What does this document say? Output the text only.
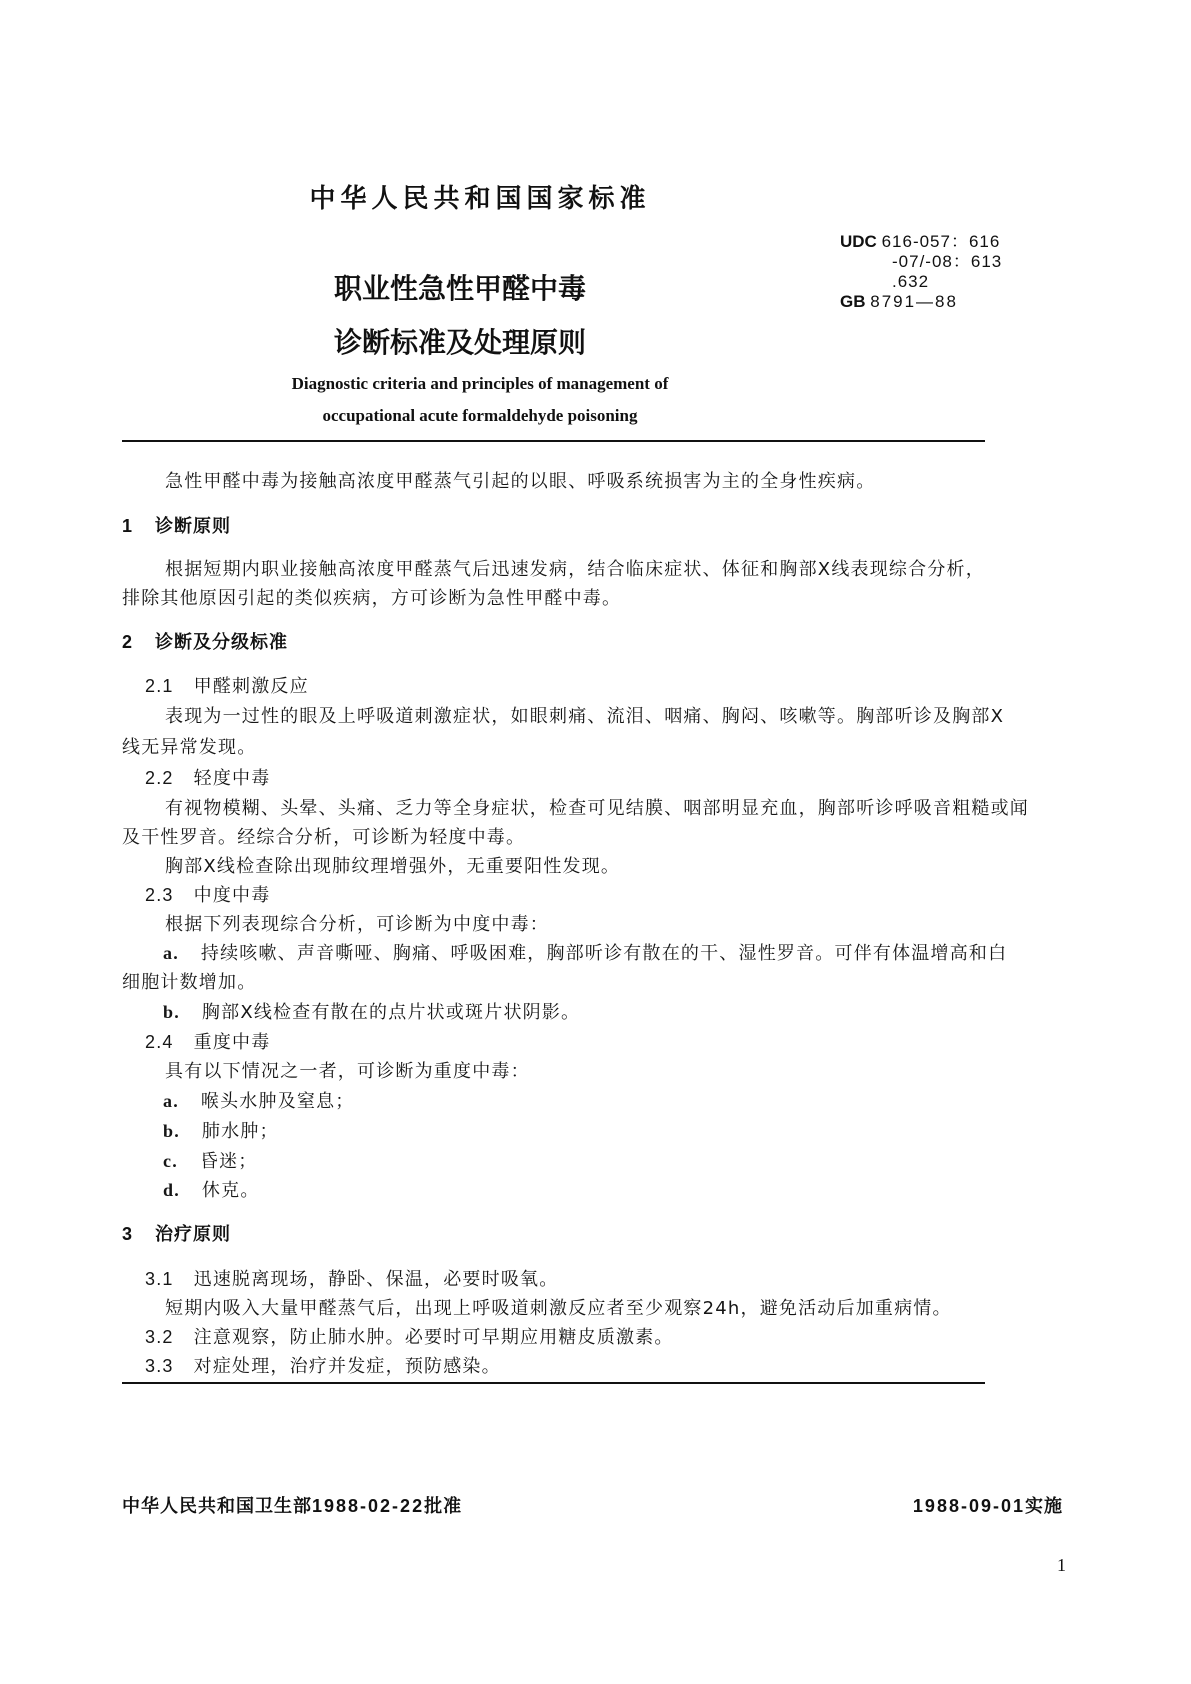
中华人民共和国国家标准
UDC 616-057：616
-07/-08：613
.632
GB 8791—88
职业性急性甲醛中毒
诊断标准及处理原则
Diagnostic criteria and principles of management of
occupational acute formaldehyde poisoning
急性甲醛中毒为接触高浓度甲醛蒸气引起的以眼、呼吸系统损害为主的全身性疾病。
1 诊断原则
根据短期内职业接触高浓度甲醛蒸气后迅速发病，结合临床症状、体征和胸部X线表现综合分析，
排除其他原因引起的类似疾病，方可诊断为急性甲醛中毒。
2 诊断及分级标准
2.1 甲醛刺激反应
表现为一过性的眼及上呼吸道刺激症状，如眼刺痛、流泪、咽痛、胸闷、咳嗽等。胸部听诊及胸部X
线无异常发现。
2.2 轻度中毒
有视物模糊、头晕、头痛、乏力等全身症状，检查可见结膜、咽部明显充血，胸部听诊呼吸音粗糙或闻
及干性罗音。经综合分析，可诊断为轻度中毒。
胸部X线检查除出现肺纹理增强外，无重要阳性发现。
2.3 中度中毒
根据下列表现综合分析，可诊断为中度中毒：
a. 持续咳嗽、声音嘶哑、胸痛、呼吸困难，胸部听诊有散在的干、湿性罗音。可伴有体温增高和白
细胞计数增加。
b. 胸部X线检查有散在的点片状或斑片状阴影。
2.4 重度中毒
具有以下情况之一者，可诊断为重度中毒：
a. 喉头水肿及窒息；
b. 肺水肿；
c. 昏迷；
d. 休克。
3 治疗原则
3.1 迅速脱离现场，静卧、保温，必要时吸氧。
短期内吸入大量甲醛蒸气后，出现上呼吸道刺激反应者至少观察24h，避免活动后加重病情。
3.2 注意观察，防止肺水肿。必要时可早期应用糖皮质激素。
3.3 对症处理，治疗并发症，预防感染。
中华人民共和国卫生部1988-02-22批准	1988-09-01实施
1
